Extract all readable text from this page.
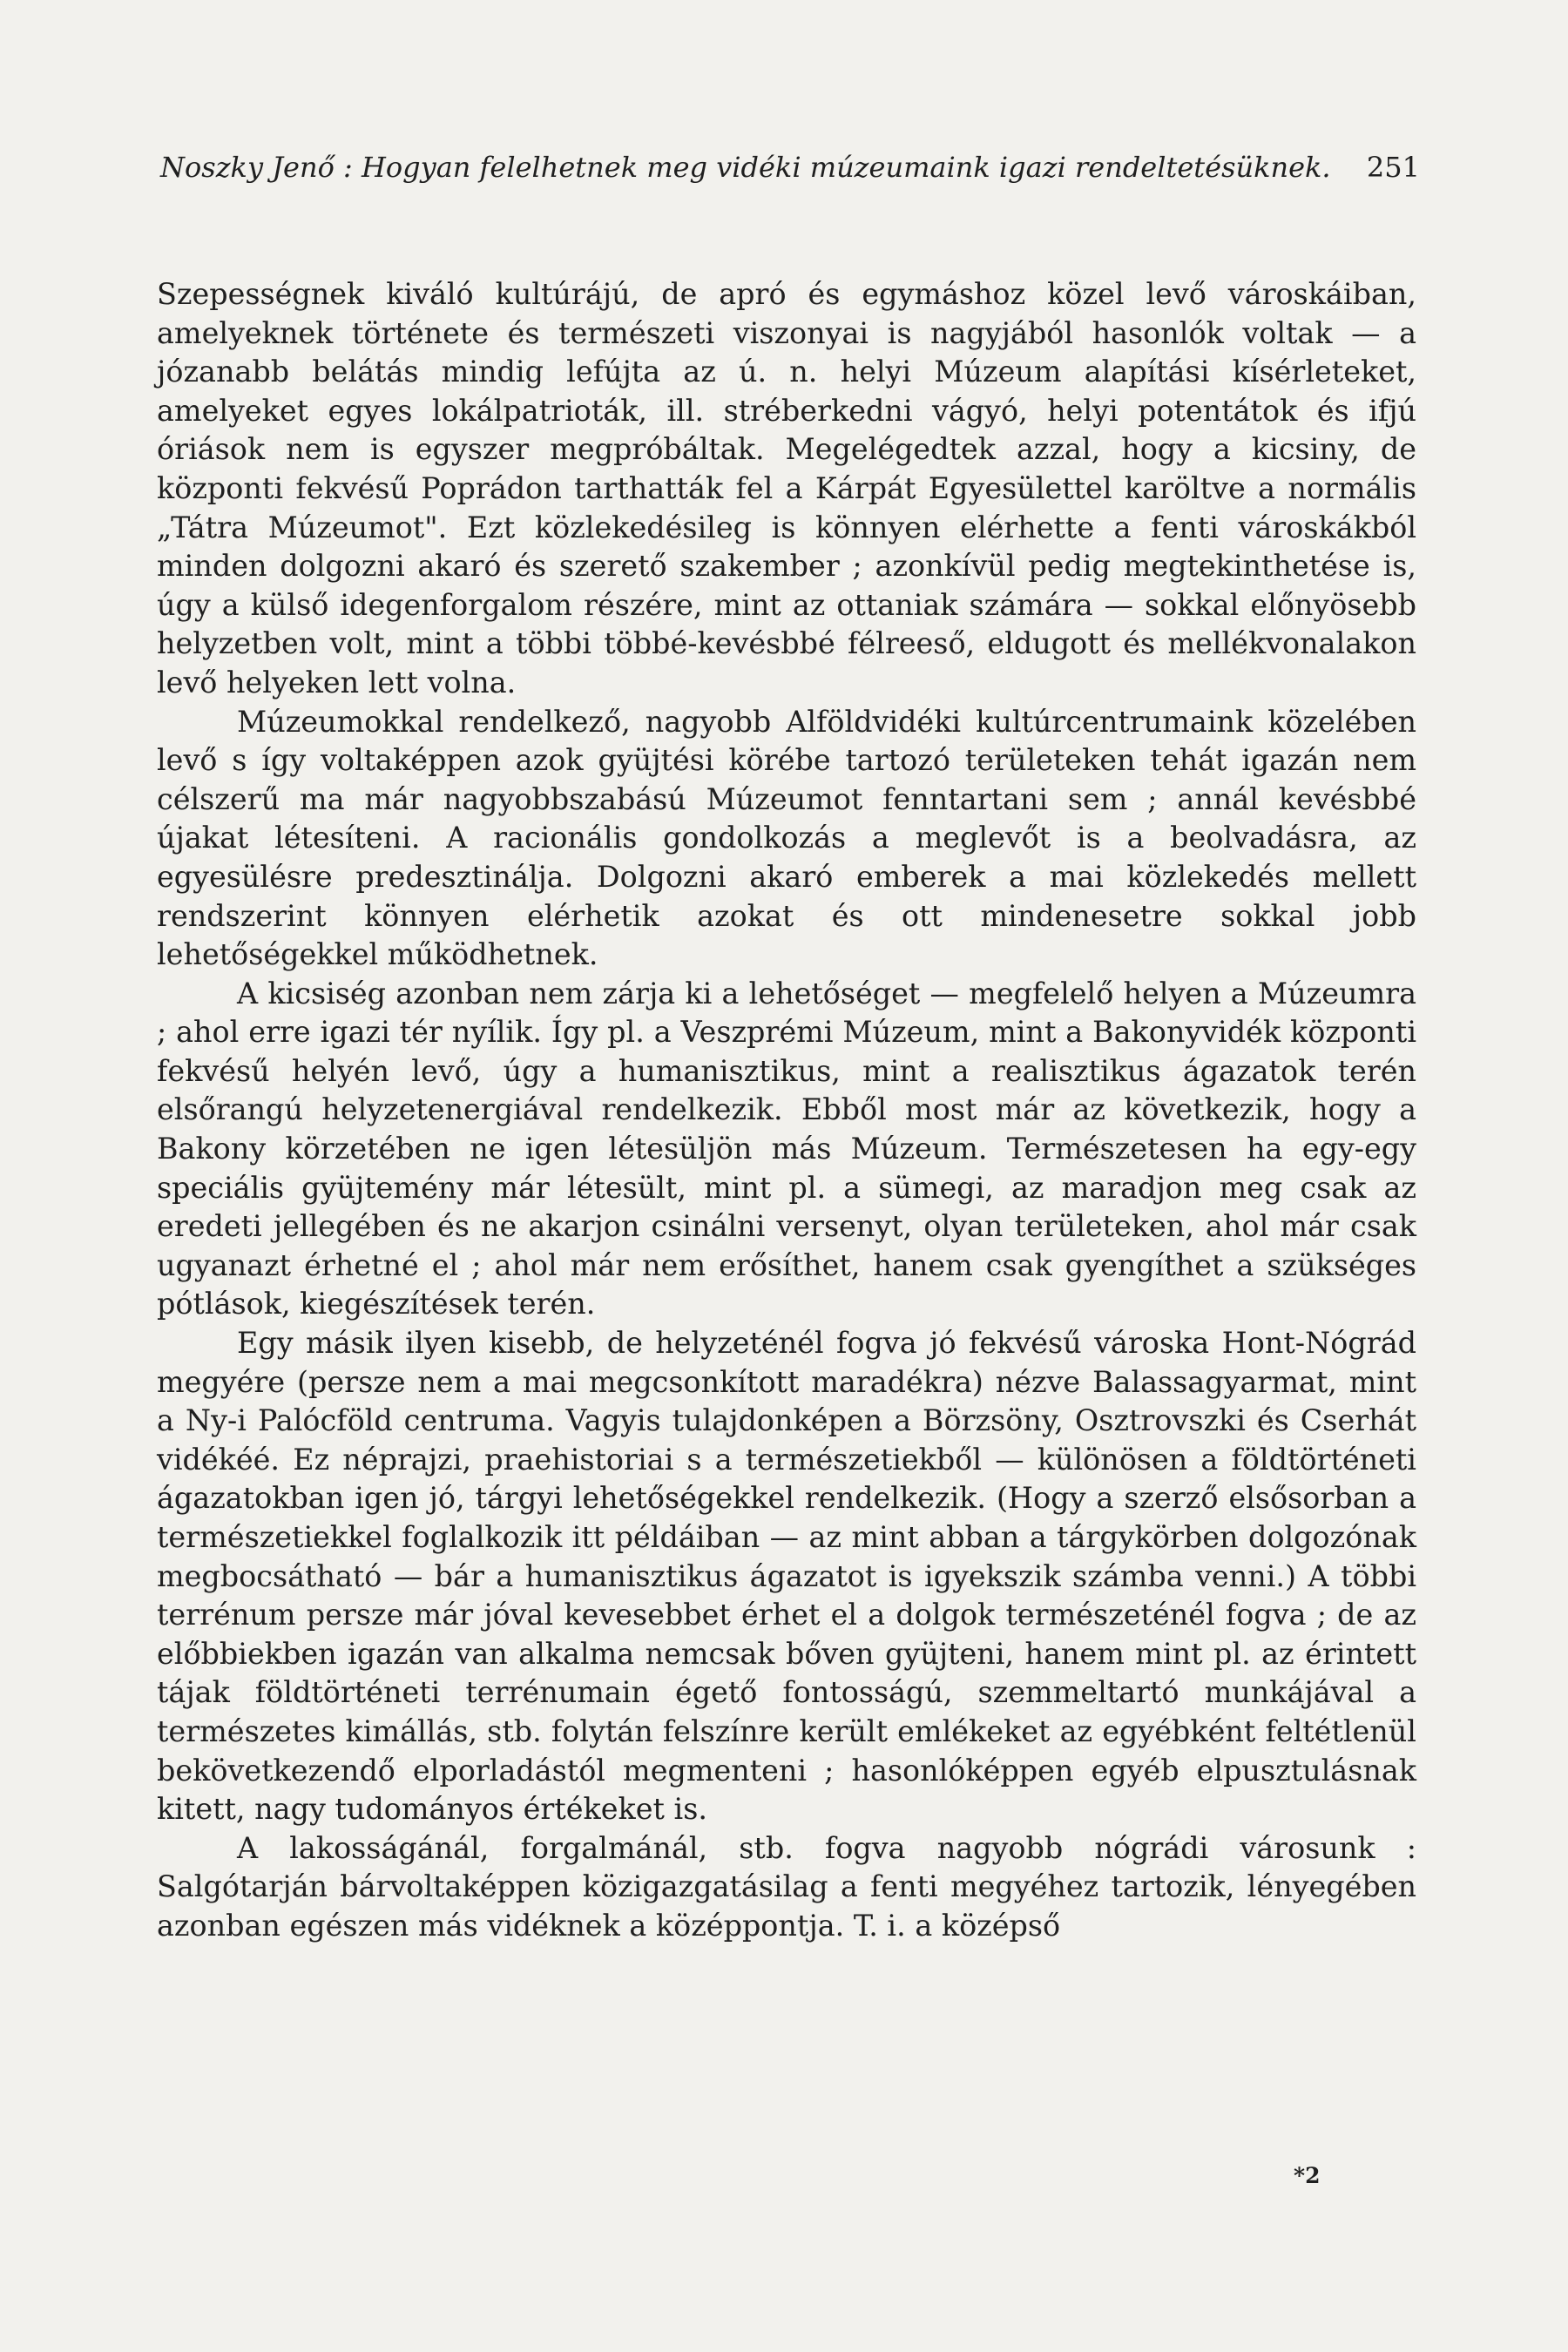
Noszky Jenő : Hogyan felelhetnek meg vidéki múzeumaink igazi rendeltetésüknek. 251

Szepességnek kiváló kultúrájú, de apró és egymáshoz közel levő városkáiban, amelyeknek története és természeti viszonyai is nagyjából hasonlók voltak — a józanabb belátás mindig lefújta az ú. n. helyi Múzeum alapítási kísérleteket, amelyeket egyes lokálpatrioták, ill. stréberkedni vágyó, helyi potentátok és ifjú óriások nem is egyszer megpróbáltak. Megelégedtek azzal, hogy a kicsiny, de központi fekvésű Poprádon tarthatták fel a Kárpát Egyesülettel karöltve a normális „Tátra Múzeumot". Ezt közlekedésileg is könnyen elérhette a fenti városkákból minden dolgozni akaró és szerető szakember ; azonkívül pedig megtekinthetése is, úgy a külső idegenforgalom részére, mint az ottaniak számára — sokkal előnyösebb helyzetben volt, mint a többi többé-kevésbbé félreeső, eldugott és mellékvonalakon levő helyeken lett volna.

Múzeumokkal rendelkező, nagyobb Alföldvidéki kultúrcentrumaink közelében levő s így voltaképpen azok gyüjtési körébe tartozó területeken tehát igazán nem célszerű ma már nagyobbszabású Múzeumot fenntartani sem ; annál kevésbbé újakat létesíteni. A racionális gondolkozás a meglevőt is a beolvadásra, az egyesülésre predesztinálja. Dolgozni akaró emberek a mai közlekedés mellett rendszerint könnyen elérhetik azokat és ott mindenesetre sokkal jobb lehetőségekkel működhetnek.

A kicsiség azonban nem zárja ki a lehetőséget — megfelelő helyen a Múzeumra ; ahol erre igazi tér nyílik. Így pl. a Veszprémi Múzeum, mint a Bakonyvidék központi fekvésű helyén levő, úgy a humanisztikus, mint a realisztikus ágazatok terén elsőrangú helyzetenergiával rendelkezik. Ebből most már az következik, hogy a Bakony körzetében ne igen létesüljön más Múzeum. Természetesen ha egy-egy speciális gyüjtemény már létesült, mint pl. a sümegi, az maradjon meg csak az eredeti jellegében és ne akarjon csinálni versenyt, olyan területeken, ahol már csak ugyanazt érhetné el ; ahol már nem erősíthet, hanem csak gyengíthet a szükséges pótlások, kiegészítések terén.

Egy másik ilyen kisebb, de helyzeténél fogva jó fekvésű városka Hont-Nógrád megyére (persze nem a mai megcsonkított maradékra) nézve Balassagyarmat, mint a Ny-i Palócföld centruma. Vagyis tulajdonképen a Börzsöny, Osztrovszki és Cserhát vidékéé. Ez néprajzi, praehistoriai s a természetiekből — különösen a földtörténeti ágazatokban igen jó, tárgyi lehetőségekkel rendelkezik. (Hogy a szerző elsősorban a természetiekkel foglalkozik itt példáiban — az mint abban a tárgykörben dolgozónak megbocsátható — bár a humanisztikus ágazatot is igyekszik számba venni.) A többi terrénum persze már jóval kevesebbet érhet el a dolgok természeténél fogva ; de az előbbiekben igazán van alkalma nemcsak bőven gyüjteni, hanem mint pl. az érintett tájak földtörténeti terrénumain égető fontosságú, szemmeltartó munkájával a természetes kimállás, stb. folytán felszínre került emlékeket az egyébként feltétlenül bekövetkezendő elporladástól megmenteni ; hasonlóképpen egyéb elpusztulásnak kitett, nagy tudományos értékeket is.

A lakosságánál, forgalmánál, stb. fogva nagyobb nógrádi városunk : Salgótarján bárvoltaképpen közigazgatásilag a fenti megyéhez tartozik, lényegében azonban egészen más vidéknek a középpontja. T. i. a középső

*2
